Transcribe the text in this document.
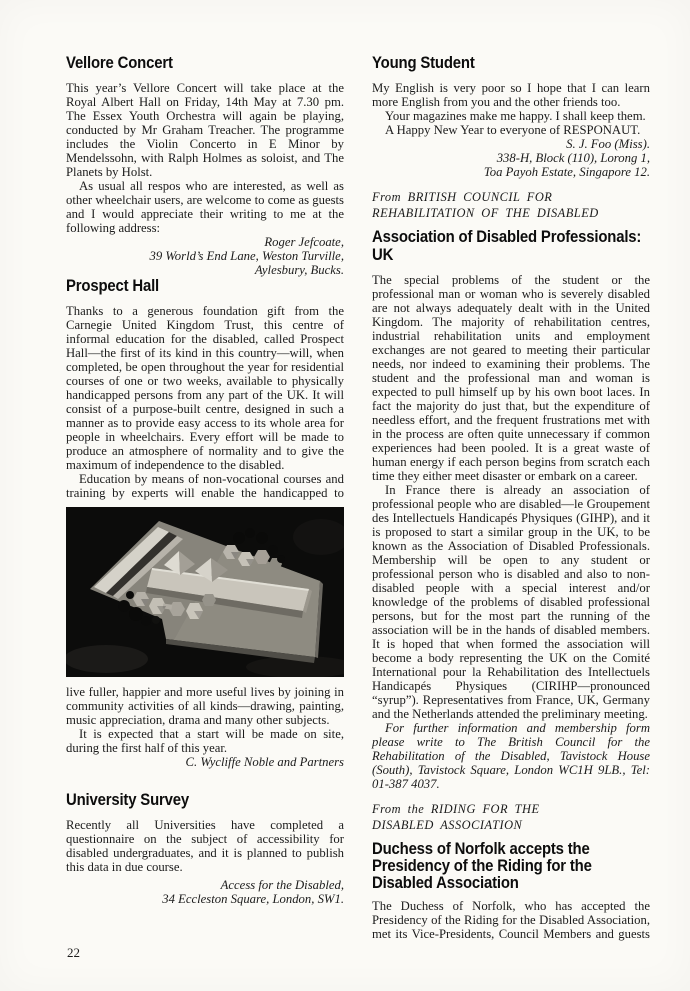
Vellore Concert

This year’s Vellore Concert will take place at the Royal Albert Hall on Friday, 14th May at 7.30 pm. The Essex Youth Orchestra will again be playing, conducted by Mr Graham Treacher. The programme includes the Violin Concerto in E Minor by Mendelssohn, with Ralph Holmes as soloist, and The Planets by Holst.

As usual all respos who are interested, as well as other wheelchair users, are welcome to come as guests and I would appreciate their writing to me at the following address:

Roger Jefcoate,

39 World’s End Lane, Weston Turville,

Aylesbury, Bucks.

Prospect Hall

Thanks to a generous foundation gift from the Carnegie United Kingdom Trust, this centre of informal education for the disabled, called Prospect Hall—the first of its kind in this country—will, when completed, be open throughout the year for residential courses of one or two weeks, available to physically handicapped persons from any part of the UK. It will consist of a purpose-built centre, designed in such a manner as to provide easy access to its whole area for people in wheelchairs. Every effort will be made to produce an atmosphere of normality and to give the maximum of independence to the disabled.

Education by means of non-vocational courses and training by experts will enable the handicapped to

live fuller, happier and more useful lives by joining in community activities of all kinds—drawing, painting, music appreciation, drama and many other subjects.

It is expected that a start will be made on site, during the first half of this year.

C. Wycliffe Noble and Partners

University Survey

Recently all Universities have completed a questionnaire on the subject of accessibility for disabled undergraduates, and it is planned to publish this data in due course.

Access for the Disabled,

34 Eccleston Square, London, SW1.

Young Student

My English is very poor so I hope that I can learn more English from you and the other friends too.

Your magazines make me happy. I shall keep them.

A Happy New Year to everyone of RESPONAUT.

S. J. Foo (Miss).

338-H, Block (110), Lorong 1,

Toa Payoh Estate, Singapore 12.

From BRITISH COUNCIL FOR
REHABILITATION OF THE DISABLED

Association of Disabled Professionals: UK

The special problems of the student or the professional man or woman who is severely disabled are not always adequately dealt with in the United Kingdom. The majority of rehabilitation centres, industrial rehabilitation units and employment exchanges are not geared to meeting their particular needs, nor indeed to examining their problems. The student and the professional man and woman is expected to pull himself up by his own boot laces. In fact the majority do just that, but the expenditure of needless effort, and the frequent frustrations met with in the process are often quite unnecessary if common experiences had been pooled. It is a great waste of human energy if each person begins from scratch each time they either meet disaster or embark on a career.

In France there is already an association of professional people who are disabled—le Groupement des Intellectuels Handicapés Physiques (GIHP), and it is proposed to start a similar group in the UK, to be known as the Association of Disabled Professionals. Membership will be open to any student or professional person who is disabled and also to non-disabled people with a special interest and/or knowledge of the problems of disabled professional persons, but for the most part the running of the association will be in the hands of disabled members. It is hoped that when formed the association will become a body representing the UK on the Comité International pour la Rehabilitation des Intellectuels Handicapés Physiques (CIRIHP—pronounced “syrup”). Representatives from France, UK, Germany and the Netherlands attended the preliminary meeting.

For further information and membership form please write to The British Council for the Rehabilitation of the Disabled, Tavistock House (South), Tavistock Square, London WC1H 9LB., Tel: 01-387 4037.

From the RIDING FOR THE
DISABLED ASSOCIATION

Duchess of Norfolk accepts the Presidency of the Riding for the Disabled Association

The Duchess of Norfolk, who has accepted the Presidency of the Riding for the Disabled Association, met its Vice-Presidents, Council Members and guests

22
